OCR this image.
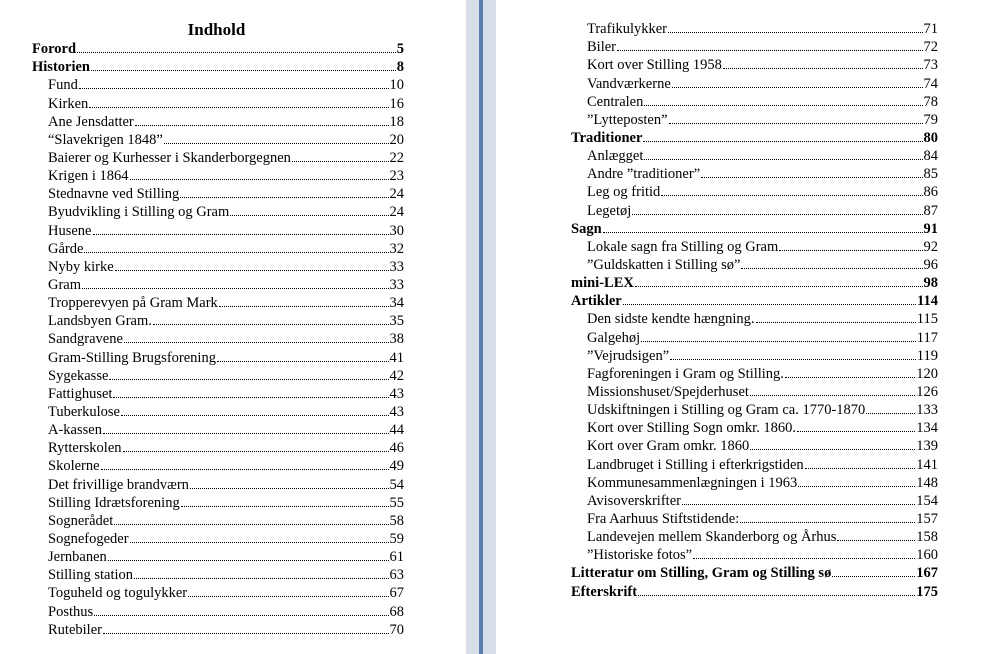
Indhold
Forord	5
Historien	8
Fund	10
Kirken	16
Ane Jensdatter	18
“Slavekrigen 1848”	20
Baierer og Kurhesser i Skanderborgegnen	22
Krigen i 1864	23
Stednavne ved Stilling	24
Byudvikling i Stilling og Gram	24
Husene	30
Gårde	32
Nyby kirke	33
Gram	33
Tropperevyen på Gram Mark	34
Landsbyen Gram.	35
Sandgravene	38
Gram-Stilling Brugsforening	41
Sygekasse	42
Fattighuset	43
Tuberkulose	43
A-kassen	44
Rytterskolen	46
Skolerne	49
Det frivillige brandværn	54
Stilling Idrætsforening	55
Sognerådet	58
Sognefogeder	59
Jernbanen	61
Stilling station	63
Toguheld og togulykker	67
Posthus	68
Rutebiler	70
Trafikulykker	71
Biler	72
Kort over Stilling 1958	73
Vandværkerne	74
Centralen	78
”Lytteposten”	79
Traditioner	80
Anlægget	84
Andre ”traditioner”	85
Leg og fritid	86
Legetøj	87
Sagn	91
Lokale sagn fra Stilling og Gram	92
”Guldskatten i Stilling sø”	96
mini-LEX	98
Artikler	114
Den sidste kendte hængning.	115
Galgehøj	117
”Vejrudsigen”	119
Fagforeningen i Gram og Stilling.	120
Missionshuset/Spejderhuset	126
Udskiftningen i Stilling og Gram ca. 1770-1870	133
Kort over Stilling Sogn omkr. 1860.	134
Kort over Gram omkr. 1860	139
Landbruget i Stilling i efterkrigstiden	141
Kommunesammenlægningen i 1963	148
Avisoverskrifter	154
Fra Aarhuus Stiftstidende:	157
Landevejen mellem Skanderborg og Århus	158
”Historiske fotos”	160
Litteratur om Stilling, Gram og Stilling sø	167
Efterskrift	175
